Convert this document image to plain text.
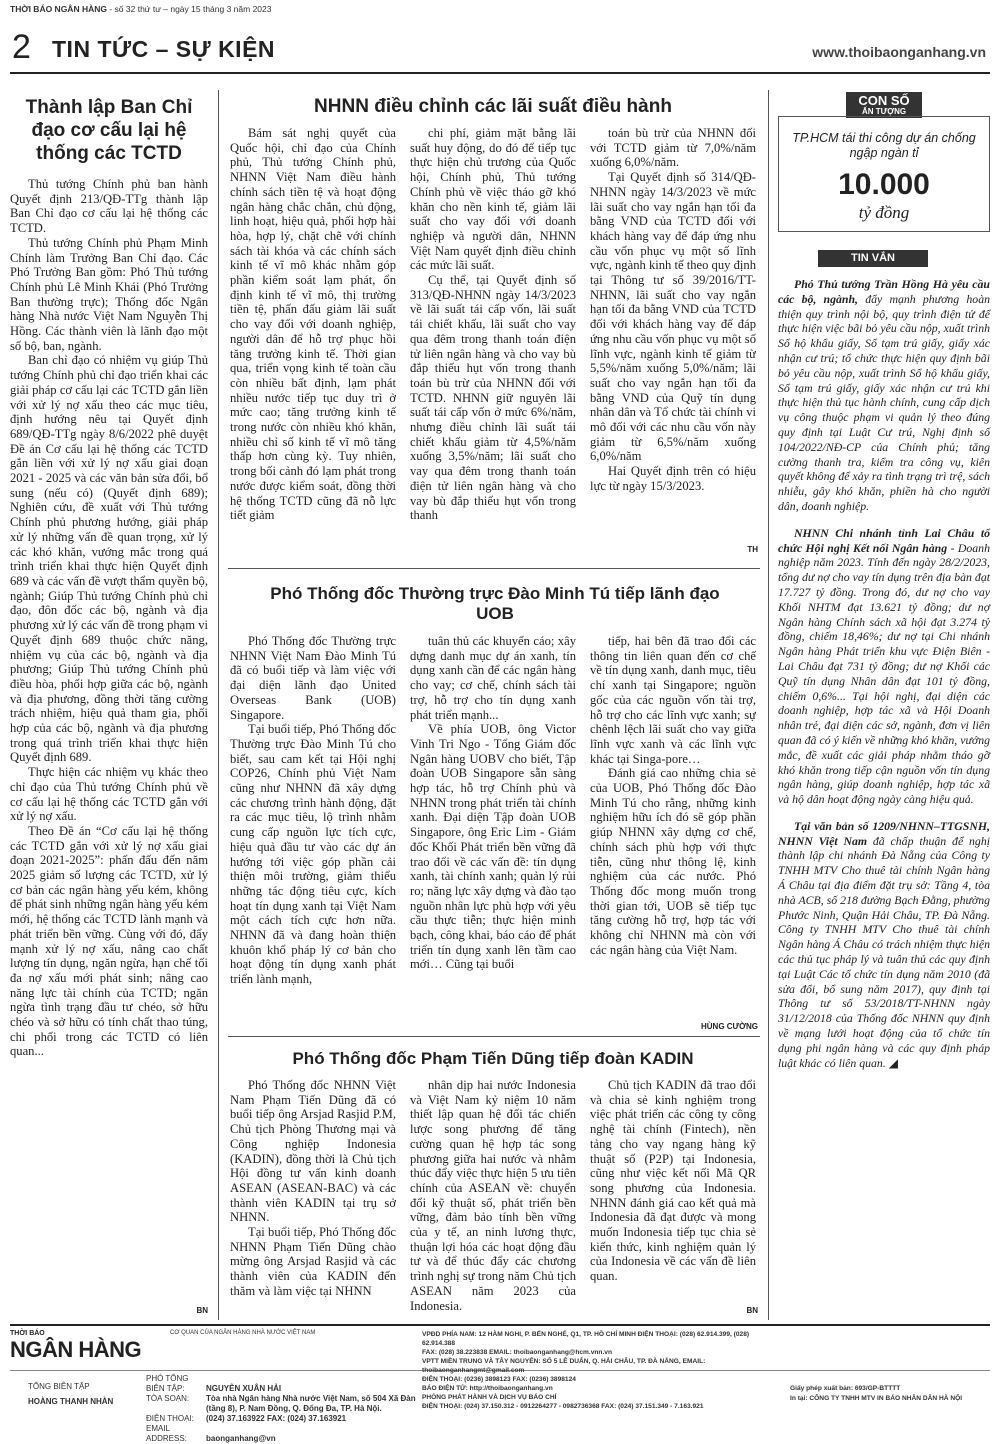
THỜI BÁO NGÂN HÀNG - số 32 thứ tư – ngày 15 tháng 3 năm 2023
2 TIN TỨC – SỰ KIỆN	www.thoibaonganhang.vn
Thành lập Ban Chỉ đạo cơ cấu lại hệ thống các TCTD

Thủ tướng Chính phủ ban hành Quyết định 213/QĐ-TTg thành lập Ban Chỉ đạo cơ cấu lại hệ thống các TCTD.

Thủ tướng Chính phủ Phạm Minh Chính làm Trưởng Ban Chỉ đạo. Các Phó Trưởng Ban gồm: Phó Thủ tướng Chính phủ Lê Minh Khái (Phó Trưởng Ban thường trực); Thống đốc Ngân hàng Nhà nước Việt Nam Nguyễn Thị Hồng. Các thành viên là lãnh đạo một số bộ, ban, ngành.

Ban chỉ đạo có nhiệm vụ giúp Thủ tướng Chính phủ chỉ đạo triển khai các giải pháp cơ cấu lại các TCTD gắn liền với xử lý nợ xấu theo các mục tiêu, định hướng nêu tại Quyết định 689/QĐ-TTg ngày 8/6/2022 phê duyệt Đề án Cơ cấu lại hệ thống các TCTD gắn liền với xử lý nợ xấu giai đoạn 2021 - 2025 và các văn bản sửa đổi, bổ sung (nếu có) (Quyết định 689); Nghiên cứu, đề xuất với Thủ tướng Chính phủ phương hướng, giải pháp xử lý những vấn đề quan trọng, xử lý các khó khăn, vướng mắc trong quá trình triển khai thực hiện Quyết định 689 và các vấn đề vượt thẩm quyền bộ, ngành; Giúp Thủ tướng Chính phủ chỉ đạo, đôn đốc các bộ, ngành và địa phương xử lý các vấn đề trong phạm vi Quyết định 689 thuộc chức năng, nhiệm vụ của các bộ, ngành và địa phương; Giúp Thủ tướng Chính phủ điều hòa, phối hợp giữa các bộ, ngành và địa phương, đồng thời tăng cường trách nhiệm, hiệu quả tham gia, phối hợp của các bộ, ngành và địa phương trong quá trình triển khai thực hiện Quyết định 689.

Thực hiện các nhiệm vụ khác theo chỉ đạo của Thủ tướng Chính phủ về cơ cấu lại hệ thống các TCTD gắn với xử lý nợ xấu.

Theo Đề án “Cơ cấu lại hệ thống các TCTD gắn với xử lý nợ xấu giai đoạn 2021-2025”: phấn đấu đến năm 2025 giảm số lượng các TCTD, xử lý cơ bản các ngân hàng yếu kém, không để phát sinh những ngân hàng yếu kém mới, hệ thống các TCTD lành mạnh và phát triển bền vững. Cùng với đó, đẩy mạnh xử lý nợ xấu, nâng cao chất lượng tín dụng, ngăn ngừa, hạn chế tối đa nợ xấu mới phát sinh; nâng cao năng lực tài chính của TCTD; ngăn ngừa tình trạng đầu tư chéo, sở hữu chéo và sở hữu có tính chất thao túng, chi phối trong các TCTD có liên quan...

BN
NHNN điều chỉnh các lãi suất điều hành

Bám sát nghị quyết của Quốc hội, chỉ đạo của Chính phủ, Thủ tướng Chính phủ, NHNN Việt Nam điều hành chính sách tiền tệ và hoạt động ngân hàng chắc chắn, chủ động, linh hoạt, hiệu quả, phối hợp hài hòa, hợp lý, chặt chẽ với chính sách tài khóa và các chính sách kinh tế vĩ mô khác nhằm góp phần kiểm soát lạm phát, ổn định kinh tế vĩ mô, thị trường tiền tệ, phấn đấu giảm lãi suất cho vay đối với doanh nghiệp, người dân để hỗ trợ phục hồi tăng trưởng kinh tế. Thời gian qua, triển vọng kinh tế toàn cầu còn nhiều bất định, lạm phát nhiều nước tiếp tục duy trì ở mức cao; tăng trưởng kinh tế trong nước còn nhiều khó khăn, nhiều chỉ số kinh tế vĩ mô tăng thấp hơn cùng kỳ. Tuy nhiên, trong bối cảnh đó lạm phát trong nước được kiểm soát, đồng thời hệ thống TCTD cũng đã nỗ lực tiết giảm

chi phí, giảm mặt bằng lãi suất huy động, do đó để tiếp tục thực hiện chủ trương của Quốc hội, Chính phủ, Thủ tướng Chính phủ về việc tháo gỡ khó khăn cho nền kinh tế, giảm lãi suất cho vay đối với doanh nghiệp và người dân, NHNN Việt Nam quyết định điều chỉnh các mức lãi suất.

Cụ thể, tại Quyết định số 313/QĐ-NHNN ngày 14/3/2023 về lãi suất tái cấp vốn, lãi suất tái chiết khấu, lãi suất cho vay qua đêm trong thanh toán điện tử liên ngân hàng và cho vay bù đắp thiếu hụt vốn trong thanh toán bù trừ của NHNN đối với TCTD. NHNN giữ nguyên lãi suất tái cấp vốn ở mức 6%/năm, nhưng điều chỉnh lãi suất tái chiết khấu giảm từ 4,5%/năm xuống 3,5%/năm; lãi suất cho vay qua đêm trong thanh toán điện tử liên ngân hàng và cho vay bù đắp thiếu hụt vốn trong thanh

toán bù trừ của NHNN đối với TCTD giảm từ 7,0%/năm xuống 6,0%/năm.

Tại Quyết định số 314/QĐ-NHNN ngày 14/3/2023 về mức lãi suất cho vay ngắn hạn tối đa bằng VND của TCTD đối với khách hàng vay để đáp ứng nhu cầu vốn phục vụ một số lĩnh vực, ngành kinh tế theo quy định tại Thông tư số 39/2016/TT-NHNN, lãi suất cho vay ngắn hạn tối đa bằng VND của TCTD đối với khách hàng vay để đáp ứng nhu cầu vốn phục vụ một số lĩnh vực, ngành kinh tế giảm từ 5,5%/năm xuống 5,0%/năm; lãi suất cho vay ngắn hạn tối đa bằng VND của Quỹ tín dụng nhân dân và Tổ chức tài chính vi mô đối với các nhu cầu vốn này giảm từ 6,5%/năm xuống 6,0%/năm

Hai Quyết định trên có hiệu lực từ ngày 15/3/2023.

TH
Phó Thống đốc Thường trực Đào Minh Tú tiếp lãnh đạo UOB

Phó Thống đốc Thường trực NHNN Việt Nam Đào Minh Tú đã có buổi tiếp và làm việc với đại diện lãnh đạo United Overseas Bank (UOB) Singapore.

Tại buổi tiếp, Phó Thống đốc Thường trực Đào Minh Tú cho biết, sau cam kết tại Hội nghị COP26, Chính phủ Việt Nam cũng như NHNN đã xây dựng các chương trình hành động, đặt ra các mục tiêu, lộ trình nhằm cung cấp nguồn lực tích cực, hiệu quả đầu tư vào các dự án hướng tới việc góp phần cải thiện môi trường, giảm thiểu những tác động tiêu cực, kích hoạt tín dụng xanh tại Việt Nam một cách tích cực hơn nữa. NHNN đã và đang hoàn thiện khuôn khổ pháp lý cơ bản cho hoạt động tín dụng xanh phát triển lành mạnh,

tuân thủ các khuyến cáo; xây dựng danh mục dự án xanh, tín dụng xanh cần để các ngân hàng cho vay; cơ chế, chính sách tài trợ, hỗ trợ cho tín dụng xanh phát triển mạnh...

Về phía UOB, ông Victor Vinh Tri Ngo - Tổng Giám đốc Ngân hàng UOBV cho biết, Tập đoàn UOB Singapore sẵn sàng hợp tác, hỗ trợ Chính phủ và NHNN trong phát triển tài chính xanh. Đại diện Tập đoàn UOB Singapore, ông Eric Lim - Giám đốc Khối Phát triển bền vững đã trao đổi về các vấn đề: tín dụng xanh, tài chính xanh; quản lý rủi ro; năng lực xây dựng và đào tạo nguồn nhân lực phù hợp với yêu cầu thực tiễn; thực hiện minh bạch, công khai, báo cáo để phát triển tín dụng xanh lên tầm cao mới… Cũng tại buổi

tiếp, hai bên đã trao đổi các thông tin liên quan đến cơ chế về tín dụng xanh, danh mục, tiêu chí xanh tại Singapore; nguồn gốc của các nguồn vốn tài trợ, hỗ trợ cho các lĩnh vực xanh; sự chênh lệch lãi suất cho vay giữa lĩnh vực xanh và các lĩnh vực khác tại Singa-pore…

Đánh giá cao những chia sẻ của UOB, Phó Thống đốc Đào Minh Tú cho rằng, những kinh nghiệm hữu ích đó sẽ góp phần giúp NHNN xây dựng cơ chế, chính sách phù hợp với thực tiễn, cũng như thông lệ, kinh nghiệm của các nước. Phó Thống đốc mong muốn trong thời gian tới, UOB sẽ tiếp tục tăng cường hỗ trợ, hợp tác với không chỉ NHNN mà còn với các ngân hàng của Việt Nam.

HÙNG CƯỜNG
Phó Thống đốc Phạm Tiến Dũng tiếp đoàn KADIN

Phó Thống đốc NHNN Việt Nam Phạm Tiến Dũng đã có buổi tiếp ông Arsjad Rasjid P.M, Chủ tịch Phòng Thương mại và Công nghiệp Indonesia (KADIN), đồng thời là Chủ tịch Hội đồng tư vấn kinh doanh ASEAN (ASEAN-BAC) và các thành viên KADIN tại trụ sở NHNN.

Tại buổi tiếp, Phó Thống đốc NHNN Phạm Tiến Dũng chào mừng ông Arsjad Rasjid và các thành viên của KADIN đến thăm và làm việc tại NHNN

nhân dịp hai nước Indonesia và Việt Nam kỷ niệm 10 năm thiết lập quan hệ đối tác chiến lược song phương để tăng cường quan hệ hợp tác song phương giữa hai nước và nhằm thúc đẩy việc thực hiện 5 ưu tiên chính của ASEAN về: chuyển đổi kỹ thuật số, phát triển bền vững, đảm bảo tính bền vững của y tế, an ninh lương thực, thuận lợi hóa các hoạt động đầu tư và để thúc đẩy các chương trình nghị sự trong năm Chủ tịch ASEAN năm 2023 của Indonesia.

Chủ tịch KADIN đã trao đổi và chia sẻ kinh nghiệm trong việc phát triển các công ty công nghệ tài chính (Fintech), nền tảng cho vay ngang hàng kỹ thuật số (P2P) tại Indonesia, cũng như việc kết nối Mã QR song phương của Indonesia. NHNN đánh giá cao kết quả mà Indonesia đã đạt được và mong muốn Indonesia tiếp tục chia sẻ kiến thức, kinh nghiệm quản lý của Indonesia về các vấn đề liên quan.

BN
CON SỐ
ẤN TƯỢNG
TP.HCM tái thi công dự án chống ngập ngàn tỉ
10.000
tỷ đồng
TIN VẮN

Phó Thủ tướng Trần Hồng Hà yêu cầu các bộ, ngành, đẩy mạnh phương hoàn thiện quy trình nội bộ, quy trình điện tử để thực hiện việc bãi bỏ yêu cầu nộp, xuất trình Sổ hộ khẩu giấy, Sổ tạm trú giấy, giấy xác nhận cư trú; tổ chức thực hiện quy định bãi bỏ yêu cầu nộp, xuất trình Sổ hộ khẩu giấy, Sổ tạm trú giấy, giấy xác nhận cư trú khi thực hiện thủ tục hành chính, cung cấp dịch vụ công thuộc phạm vi quản lý theo đúng quy định tại Luật Cư trú, Nghị định số 104/2022/NĐ-CP của Chính phủ; tăng cường thanh tra, kiểm tra công vụ, kiên quyết không để xảy ra tình trạng trì trệ, sách nhiễu, gây khó khăn, phiền hà cho người dân, doanh nghiệp.

NHNN Chi nhánh tỉnh Lai Châu tổ chức Hội nghị Kết nối Ngân hàng - Doanh nghiệp năm 2023. Tính đến ngày 28/2/2023, tổng dư nợ cho vay tín dụng trên địa bàn đạt 17.727 tỷ đồng. Trong đó, dư nợ cho vay Khối NHTM đạt 13.621 tỷ đồng; dư nợ Ngân hàng Chính sách xã hội đạt 3.274 tỷ đồng, chiếm 18,46%; dư nợ tại Chi nhánh Ngân hàng Phát triển khu vực Điện Biên - Lai Châu đạt 731 tỷ đồng; dư nợ Khối các Quỹ tín dụng Nhân dân đạt 101 tỷ đồng, chiếm 0,6%... Tại hội nghị, đại diện các doanh nghiệp, hợp tác xã và Hội Doanh nhân trẻ, đại diện các sở, ngành, đơn vị liên quan đã có ý kiến về những khó khăn, vướng mắc, đề xuất các giải pháp nhằm tháo gỡ khó khăn trong tiếp cận nguồn vốn tín dụng ngân hàng, giúp doanh nghiệp, hợp tác xã và hộ dân hoạt động ngày càng hiệu quả.

Tại văn bản số 1209/NHNN–TTGSNH, NHNN Việt Nam đã chấp thuận để nghị thành lập chi nhánh Đà Nẵng của Công ty TNHH MTV Cho thuê tài chính Ngân hàng Á Châu tại địa điểm đặt trụ sở: Tầng 4, tòa nhà ACB, số 218 đường Bạch Đằng, phường Phước Ninh, Quận Hải Châu, TP. Đà Nẵng. Công ty TNHH MTV Cho thuê tài chính Ngân hàng Á Châu có trách nhiệm thực hiện các thủ tục pháp lý và tuân thủ các quy định tại Luật Các tổ chức tín dụng năm 2010 (đã sửa đổi, bổ sung năm 2017), quy định tại Thông tư số 53/2018/TT-NHNN ngày 31/12/2018 của Thống đốc NHNN quy định về mạng lưới hoạt động của tổ chức tín dụng phi ngân hàng và các quy định pháp luật khác có liên quan. ◢

THỜI BÁO
NGÂN HÀNG
CƠ QUAN CỦA NGÂN HÀNG NHÀ NƯỚC VIỆT NAM
TỔNG BIÊN TẬP
HOÀNG THANH NHÀN
PHÓ TỔNG BIÊN TẬP:	NGUYỄN XUÂN HẢI
TÒA SOẠN:	Tòa nhà Ngân hàng Nhà nước Việt Nam, số 504 Xã Đàn (tầng 8), P. Nam Đồng, Q. Đống Đa, TP. Hà Nội.
ĐIỆN THOẠI: (024) 37.163922 FAX: (024) 37.163921
EMAIL ADDRESS: baonganhang@vn
VPĐD PHÍA NAM: 12 HÀM NGHI, P. BẾN NGHÉ, Q1, TP. HỒ CHÍ MINH ĐIỆN THOẠI: (028) 62.914.399, (028) 62.914.388
FAX: (028) 38.223838 EMAIL: thoibaonganhang@hcm.vnn.vn
VPTT MIỀN TRUNG VÀ TÂY NGUYÊN: SỐ 5 LÊ DUẨN, Q. HẢI CHÂU, TP. ĐÀ NẴNG, EMAIL: thoibaonganhangmt@gmail.com
ĐIỆN THOẠI: (0236) 3898123 FAX: (0236) 3898124
BÁO ĐIỆN TỬ: http://thoibaonganhang.vn
PHÒNG PHÁT HÀNH VÀ DỊCH VỤ BÁO CHÍ
ĐIỆN THOẠI: (024) 37.150.312 - 0912264277 - 0982736368 FAX: (024) 37.151.349 - 7.163.921
Giấy phép xuất bản: 693/GP-BTTTT
In tại: CÔNG TY TNHH MTV IN BÁO NHÂN DÂN HÀ NỘI
